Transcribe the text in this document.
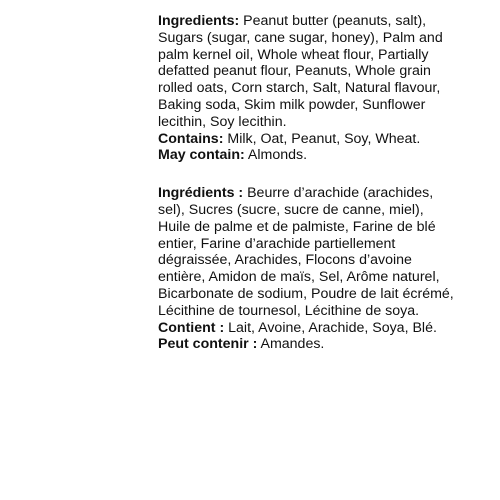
Ingredients: Peanut butter (peanuts, salt), Sugars (sugar, cane sugar, honey), Palm and palm kernel oil, Whole wheat flour, Partially defatted peanut flour, Peanuts, Whole grain rolled oats, Corn starch, Salt, Natural flavour, Baking soda, Skim milk powder, Sunflower lecithin, Soy lecithin.

Contains: Milk, Oat, Peanut, Soy, Wheat.

May contain: Almonds.

Ingrédients : Beurre d’arachide (arachides, sel), Sucres (sucre, sucre de canne, miel), Huile de palme et de palmiste, Farine de blé entier, Farine d’arachide partiellement dégraissée, Arachides, Flocons d’avoine entière, Amidon de maïs, Sel, Arôme naturel, Bicarbonate de sodium, Poudre de lait écrémé, Lécithine de tournesol, Lécithine de soya.

Contient : Lait, Avoine, Arachide, Soya, Blé.

Peut contenir : Amandes.
